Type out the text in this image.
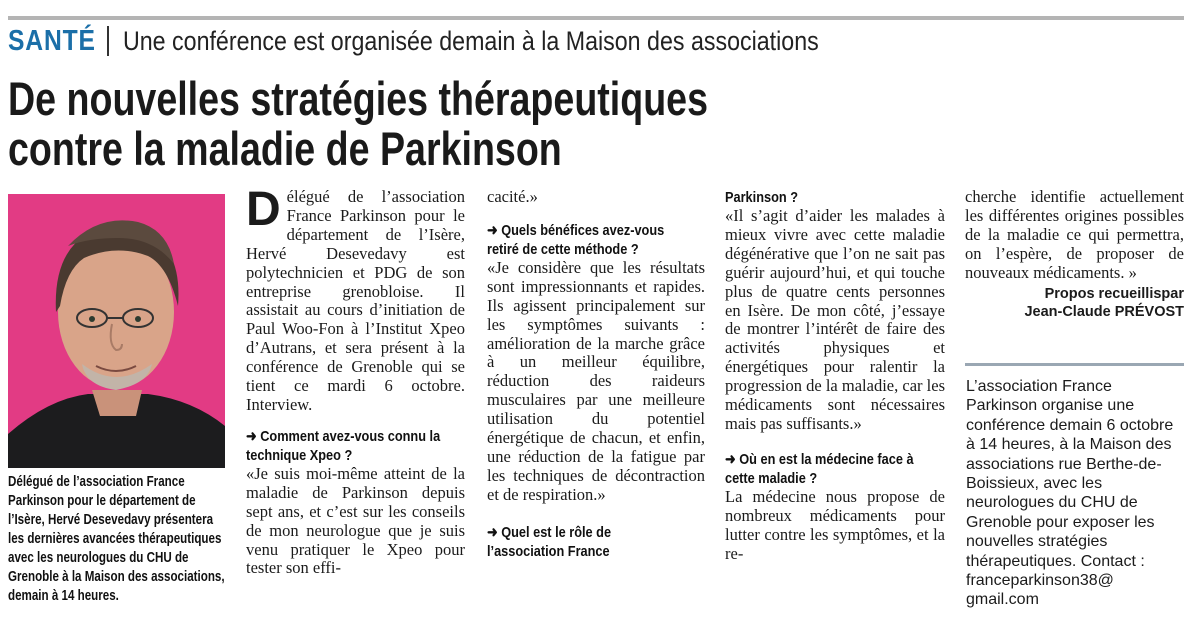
SANTÉ Une conférence est organisée demain à la Maison des associations
De nouvelles stratégies thérapeutiques
contre la maladie de Parkinson
Délégué de l’association France Parkinson pour le département de l’Isère, Hervé Desevedavy présentera les dernières avancées thérapeutiques avec les neurologues du CHU de Grenoble à la Maison des associations, demain à 14 heures.

Délégué de l’association France Parkinson pour le département de l’Isère, Hervé Desevedavy est polytechnicien et PDG de son entreprise grenobloise. Il assistait au cours d’initiation de Paul Woo-Fon à l’Institut Xpeo d’Autrans, et sera présent à la conférence de Grenoble qui se tient ce mardi 6 octobre. Interview.

➜ Comment avez-vous connu la technique Xpeo ?

«Je suis moi-même atteint de la maladie de Parkinson depuis sept ans, et c’est sur les conseils de mon neurologue que je suis venu pratiquer le Xpeo pour tester son effi-

cacité.»

➜ Quels bénéfices avez-vous retiré de cette méthode ?

«Je considère que les résultats sont impressionnants et rapides. Ils agissent principalement sur les symptômes suivants : amélioration de la marche grâce à un meilleur équilibre, réduction des raideurs musculaires par une meilleure utilisation du potentiel énergétique de chacun, et enfin, une réduction de la fatigue par les techniques de décontraction et de respiration.»

➜ Quel est le rôle de l’association France
Parkinson ?

«Il s’agit d’aider les malades à mieux vivre avec cette maladie dégénérative que l’on ne sait pas guérir aujourd’hui, et qui touche plus de quatre cents personnes en Isère. De mon côté, j’essaye de montrer l’intérêt de faire des activités physiques et énergétiques pour ralentir la progression de la maladie, car les médicaments sont nécessaires mais pas suffisants.»

➜ Où en est la médecine face à cette maladie ?

La médecine nous propose de nombreux médicaments pour lutter contre les symptômes, et la re-

cherche identifie actuellement les différentes origines possibles de la maladie ce qui permettra, on l’espère, de proposer de nouveaux médicaments. »

Propos recueillispar
Jean-Claude PRÉVOST
L’association France Parkinson organise une conférence demain 6 octobre à 14 heures, à la Maison des associations rue Berthe-de-Boissieux, avec les neurologues du CHU de Grenoble pour exposer les nouvelles stratégies thérapeutiques. Contact : franceparkinson38@ gmail.com
